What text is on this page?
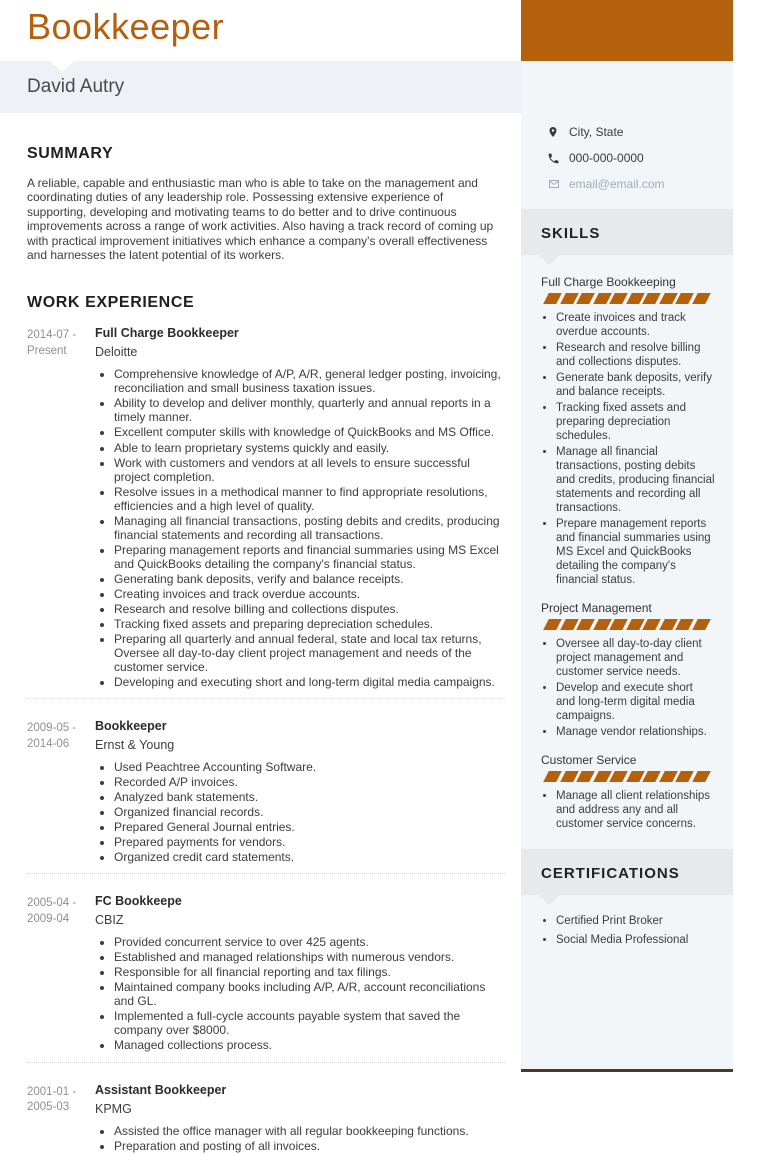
Bookkeeper
David Autry
SUMMARY

A reliable, capable and enthusiastic man who is able to take on the management and coordinating duties of any leadership role. Possessing extensive experience of supporting, developing and motivating teams to do better and to drive continuous improvements across a range of work activities. Also having a track record of coming up with practical improvement initiatives which enhance a company's overall effectiveness and harnesses the latent potential of its workers.

WORK EXPERIENCE
2014-07 -
Present
Full Charge Bookkeeper
Deloitte
• Comprehensive knowledge of A/P, A/R, general ledger posting, invoicing, reconciliation and small business taxation issues.
• Ability to develop and deliver monthly, quarterly and annual reports in a timely manner.
• Excellent computer skills with knowledge of QuickBooks and MS Office.
• Able to learn proprietary systems quickly and easily.
• Work with customers and vendors at all levels to ensure successful project completion.
• Resolve issues in a methodical manner to find appropriate resolutions, efficiencies and a high level of quality.
• Managing all financial transactions, posting debits and credits, producing financial statements and recording all transactions.
• Preparing management reports and financial summaries using MS Excel and QuickBooks detailing the company's financial status.
• Generating bank deposits, verify and balance receipts.
• Creating invoices and track overdue accounts.
• Research and resolve billing and collections disputes.
• Tracking fixed assets and preparing depreciation schedules.
• Preparing all quarterly and annual federal, state and local tax returns, Oversee all day-to-day client project management and needs of the customer service.
• Developing and executing short and long-term digital media campaigns.
2009-05 -
2014-06
Bookkeeper
Ernst & Young
• Used Peachtree Accounting Software.
• Recorded A/P invoices.
• Analyzed bank statements.
• Organized financial records.
• Prepared General Journal entries.
• Prepared payments for vendors.
• Organized credit card statements.
2005-04 -
2009-04
FC Bookkeepe
CBIZ
• Provided concurrent service to over 425 agents.
• Established and managed relationships with numerous vendors.
• Responsible for all financial reporting and tax filings.
• Maintained company books including A/P, A/R, account reconciliations and GL.
• Implemented a full-cycle accounts payable system that saved the company over $8000.
• Managed collections process.
2001-01 -
2005-03
Assistant Bookkeeper
KPMG
• Assisted the office manager with all regular bookkeeping functions.
• Preparation and posting of all invoices.
City, State
000-000-0000
email@email.com
SKILLS
Full Charge Bookkeeping
• Create invoices and track overdue accounts.
• Research and resolve billing and collections disputes.
• Generate bank deposits, verify and balance receipts.
• Tracking fixed assets and preparing depreciation schedules.
• Manage all financial transactions, posting debits and credits, producing financial statements and recording all transactions.
• Prepare management reports and financial summaries using MS Excel and QuickBooks detailing the company's financial status.
Project Management
• Oversee all day-to-day client project management and customer service needs.
• Develop and execute short and long-term digital media campaigns.
• Manage vendor relationships.
Customer Service
• Manage all client relationships and address any and all customer service concerns.
CERTIFICATIONS
• Certified Print Broker
• Social Media Professional
